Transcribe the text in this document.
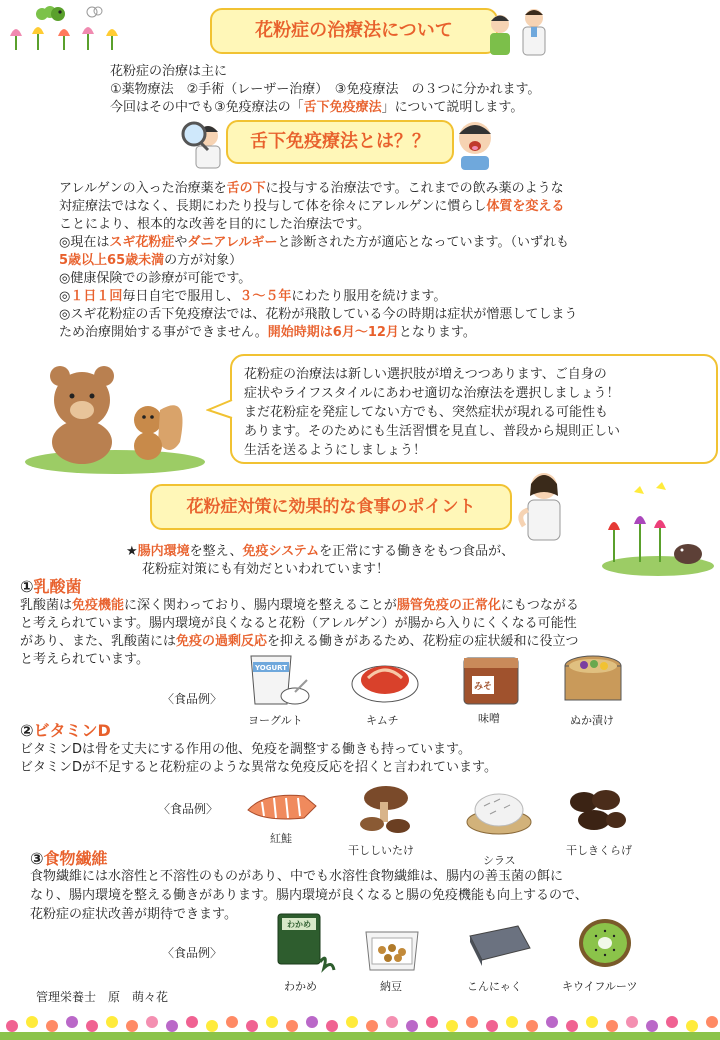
花粉症の治療法について
花粉症の治療は主に
①薬物療法　②手術（レーザー治療）　③免疫療法　の３つに分かれます。
今回はその中でも③免疫療法の「舌下免疫療法」について説明します。
舌下免疫療法とは？？
アレルゲンの入った治療薬を舌の下に投与する治療法です。これまでの飲み薬のような
対症療法ではなく、長期にわたり投与して体を徐々にアレルゲンに慣らし体質を変える
ことにより、根本的な改善を目的にした治療法です。
◎現在はスギ花粉症やダニアレルギーと診断された方が適応となっています。（いずれも
5歳以上65歳未満の方が対象）
◎健康保険での診療が可能です。
◎１日１回毎日自宅で服用し、３～５年にわたり服用を続けます。
◎スギ花粉症の舌下免疫療法では、花粉が飛散している今の時期は症状が憎悪してしまう
ため治療開始する事ができません。開始時期は6月～12月となります。
花粉症の治療法は新しい選択肢が増えつつあります、ご自身の
症状やライフスタイルにあわせ適切な治療法を選択しましょう！
まだ花粉症を発症してない方でも、突然症状が現れる可能性も
あります。そのためにも生活習慣を見直し、普段から規則正しい
生活を送るようにしましょう！
花粉症対策に効果的な食事のポイント
★腸内環境を整え、免疫システムを正常にする働きをもつ食品が、
花粉症対策にも有効だといわれています！
①乳酸菌
乳酸菌は免疫機能に深く関わっており、腸内環境を整えることが腸管免疫の正常化にもつながる
と考えられています。腸内環境が良くなると花粉（アレルゲン）が腸から入りにくくなる可能性
があり、また、乳酸菌には免疫の過剰反応を抑える働きがあるため、花粉症の症状緩和に役立つ
と考えられています。
〈食品例〉
YOGURT
ヨーグルト	キムチ
みそ
味噌	ぬか漬け
②ビタミンD
ビタミンDは骨を丈夫にする作用の他、免疫を調整する働きも持っています。
ビタミンDが不足すると花粉症のような異常な免疫反応を招くと言われています。
〈食品例〉
紅鮭
干ししいたけ
シラス
干しきくらげ
③食物繊維
食物繊維には水溶性と不溶性のものがあり、中でも水溶性食物繊維は、腸内の善玉菌の餌に
なり、腸内環境を整える働きがあります。腸内環境が良くなると腸の免疫機能も向上するので、
花粉症の症状改善が期待できます。
〈食品例〉
わかめ
わかめ	納豆	こんにゃく	キウイフルーツ
管理栄養士　原　萌々花
